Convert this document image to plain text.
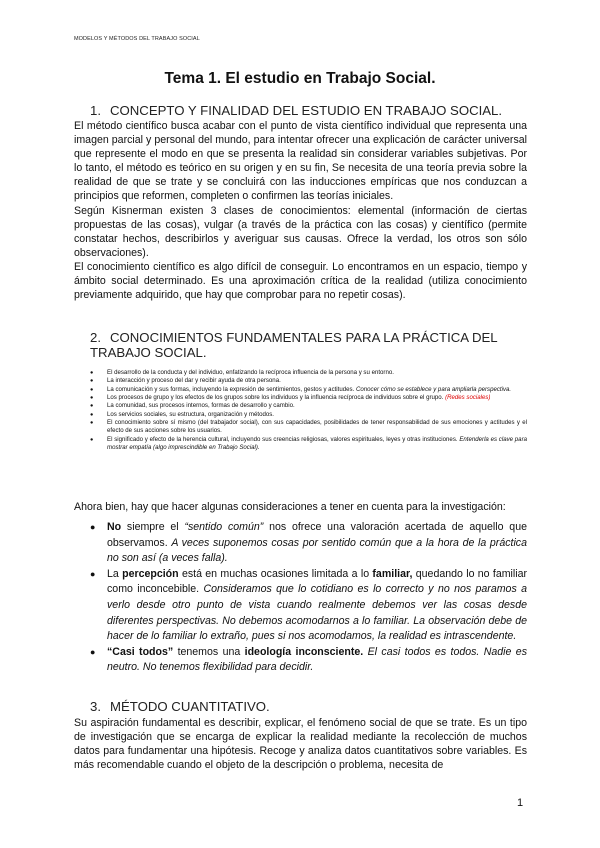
MODELOS Y MÉTODOS DEL TRABAJO SOCIAL
Tema 1. El estudio en Trabajo Social.
1. CONCEPTO Y FINALIDAD DEL ESTUDIO EN TRABAJO SOCIAL.

El método científico busca acabar con el punto de vista científico individual que representa una imagen parcial y personal del mundo, para intentar ofrecer una explicación de carácter universal que represente el modo en que se presenta la realidad sin considerar variables subjetivas. Por lo tanto, el método es teórico en su origen y en su fin, Se necesita de una teoría previa sobre la realidad de que se trate y se concluirá con las inducciones empíricas que nos conduzcan a principios que reformen, completen o confirmen las teorías iniciales.

Según Kisnerman existen 3 clases de conocimientos: elemental (información de ciertas propuestas de las cosas), vulgar (a través de la práctica con las cosas) y científico (permite constatar hechos, describirlos y averiguar sus causas. Ofrece la verdad, los otros son sólo observaciones).

El conocimiento científico es algo difícil de conseguir. Lo encontramos en un espacio, tiempo y ámbito social determinado. Es una aproximación crítica de la realidad (utiliza conocimiento previamente adquirido, que hay que comprobar para no repetir cosas).

2. CONOCIMIENTOS FUNDAMENTALES PARA LA PRÁCTICA DEL TRABAJO SOCIAL.
● El desarrollo de la conducta y del individuo, enfatizando la recíproca influencia de la persona y su entorno.
● La interacción y proceso del dar y recibir ayuda de otra persona.
● La comunicación y sus formas, incluyendo la expresión de sentimientos, gestos y actitudes. Conocer cómo se establece y para ampliarla perspectiva.
● Los procesos de grupo y los efectos de los grupos sobre los individuos y la influencia recíproca de individuos sobre el grupo. (Redes sociales)
● La comunidad, sus procesos internos, formas de desarrollo y cambio.
● Los servicios sociales, su estructura, organización y métodos.
● El conocimiento sobre sí mismo (del trabajador social), con sus capacidades, posibilidades de tener responsabilidad de sus emociones y actitudes y el efecto de sus acciones sobre los usuarios.
● El significado y efecto de la herencia cultural, incluyendo sus creencias religiosas, valores espirituales, leyes y otras instituciones. Entenderla es clave para mostrar empatía (algo imprescindible en Trabajo Social).
Ahora bien, hay que hacer algunas consideraciones a tener en cuenta para la investigación:
● No siempre el “sentido común” nos ofrece una valoración acertada de aquello que observamos. A veces suponemos cosas por sentido común que a la hora de la práctica no son así (a veces falla).
● La percepción está en muchas ocasiones limitada a lo familiar, quedando lo no familiar como inconcebible. Consideramos que lo cotidiano es lo correcto y no nos paramos a verlo desde otro punto de vista cuando realmente debemos ver las cosas desde diferentes perspectivas. No debemos acomodarnos a lo familiar. La observación debe de hacer de lo familiar lo extraño, pues si nos acomodamos, la realidad es intrascendente.
● “Casi todos” tenemos una ideología inconsciente. El casi todos es todos. Nadie es neutro. No tenemos flexibilidad para decidir.
3. MÉTODO CUANTITATIVO.
Su aspiración fundamental es describir, explicar, el fenómeno social de que se trate. Es un tipo de investigación que se encarga de explicar la realidad mediante la recolección de muchos datos para fundamentar una hipótesis. Recoge y analiza datos cuantitativos sobre variables. Es más recomendable cuando el objeto de la descripción o problema, necesita de
1
